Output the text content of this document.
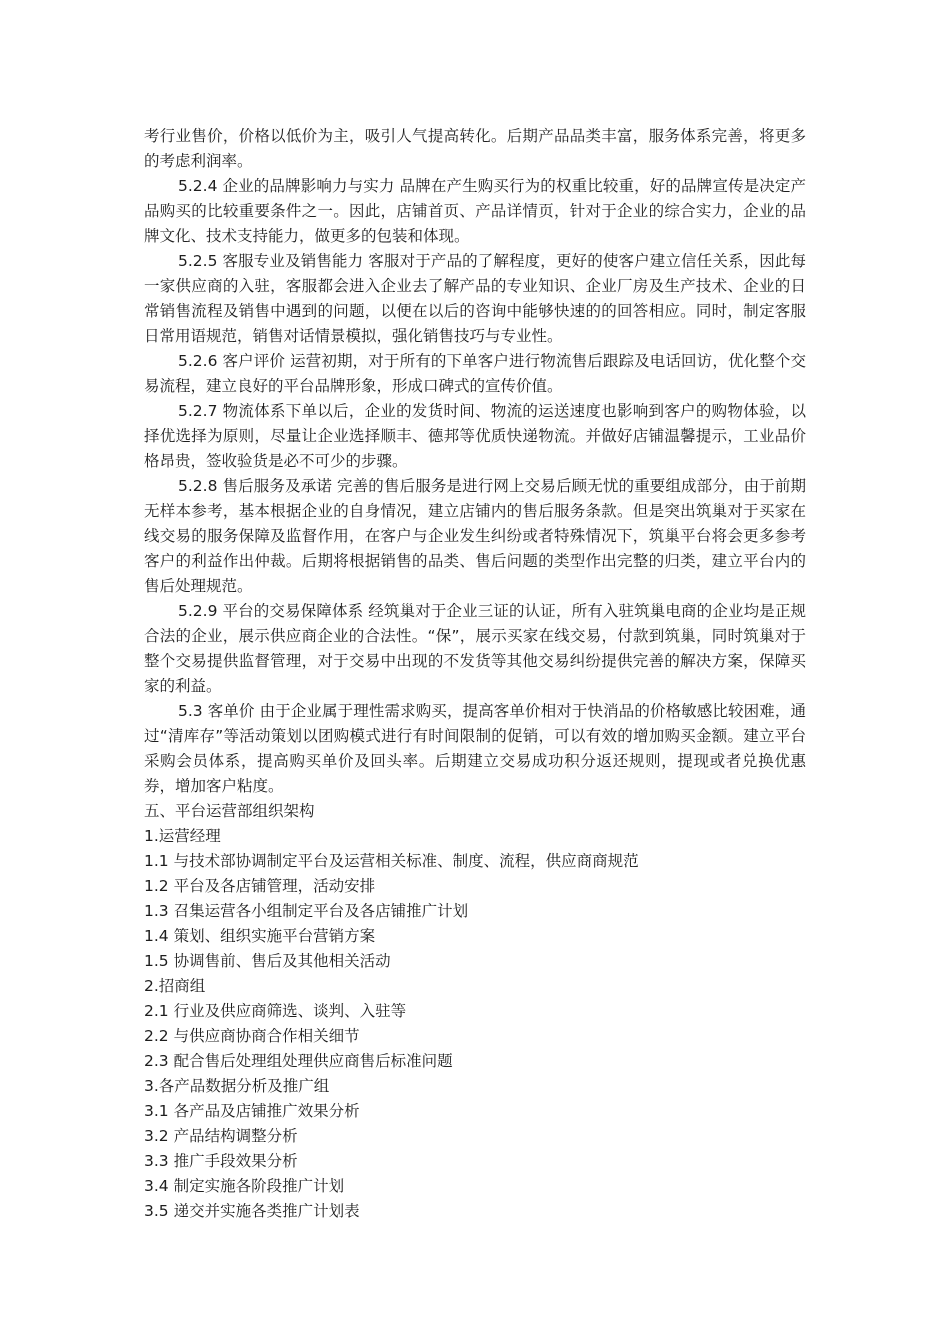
考行业售价，价格以低价为主，吸引人气提高转化。后期产品品类丰富，服务体系完善，将更多的考虑利润率。

5.2.4 企业的品牌影响力与实力 品牌在产生购买行为的权重比较重，好的品牌宣传是决定产品购买的比较重要条件之一。因此，店铺首页、产品详情页，针对于企业的综合实力，企业的品牌文化、技术支持能力，做更多的包装和体现。

5.2.5 客服专业及销售能力 客服对于产品的了解程度，更好的使客户建立信任关系，因此每一家供应商的入驻，客服都会进入企业去了解产品的专业知识、企业厂房及生产技术、企业的日常销售流程及销售中遇到的问题，以便在以后的咨询中能够快速的的回答相应。同时，制定客服日常用语规范，销售对话情景模拟，强化销售技巧与专业性。

5.2.6 客户评价 运营初期，对于所有的下单客户进行物流售后跟踪及电话回访，优化整个交易流程，建立良好的平台品牌形象，形成口碑式的宣传价值。

5.2.7 物流体系下单以后，企业的发货时间、物流的运送速度也影响到客户的购物体验，以择优选择为原则，尽量让企业选择顺丰、德邦等优质快递物流。并做好店铺温馨提示，工业品价格昂贵，签收验货是必不可少的步骤。

5.2.8 售后服务及承诺 完善的售后服务是进行网上交易后顾无忧的重要组成部分，由于前期无样本参考，基本根据企业的自身情况，建立店铺内的售后服务条款。但是突出筑巢对于买家在线交易的服务保障及监督作用，在客户与企业发生纠纷或者特殊情况下，筑巢平台将会更多参考客户的利益作出仲裁。后期将根据销售的品类、售后问题的类型作出完整的归类，建立平台内的售后处理规范。

5.2.9 平台的交易保障体系 经筑巢对于企业三证的认证，所有入驻筑巢电商的企业均是正规合法的企业，展示供应商企业的合法性。“保”，展示买家在线交易，付款到筑巢，同时筑巢对于整个交易提供监督管理，对于交易中出现的不发货等其他交易纠纷提供完善的解决方案，保障买家的利益。

5.3 客单价 由于企业属于理性需求购买，提高客单价相对于快消品的价格敏感比较困难，通过“清库存”等活动策划以团购模式进行有时间限制的促销，可以有效的增加购买金额。建立平台采购会员体系，提高购买单价及回头率。后期建立交易成功积分返还规则，提现或者兑换优惠券，增加客户粘度。

五、平台运营部组织架构

1.运营经理

1.1 与技术部协调制定平台及运营相关标准、制度、流程，供应商商规范

1.2 平台及各店铺管理，活动安排

1.3 召集运营各小组制定平台及各店铺推广计划

1.4 策划、组织实施平台营销方案

1.5 协调售前、售后及其他相关活动

2.招商组

2.1 行业及供应商筛选、谈判、入驻等

2.2 与供应商协商合作相关细节

2.3 配合售后处理组处理供应商售后标准问题

3.各产品数据分析及推广组

3.1 各产品及店铺推广效果分析

3.2 产品结构调整分析

3.3 推广手段效果分析

3.4 制定实施各阶段推广计划

3.5 递交并实施各类推广计划表
